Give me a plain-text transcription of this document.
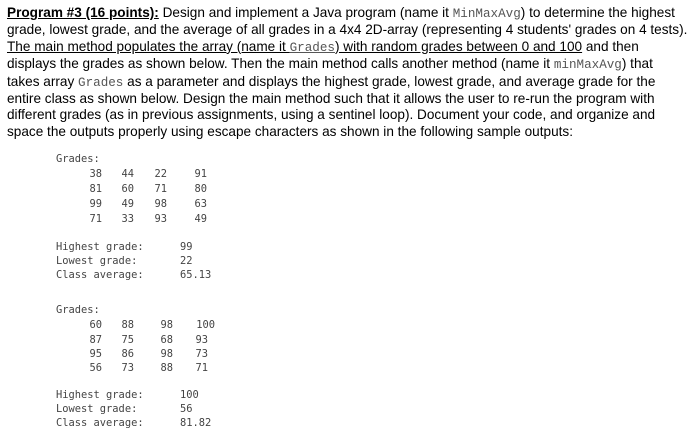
Program #3 (16 points): Design and implement a Java program (name it MinMaxAvg) to determine the highest
grade, lowest grade, and the average of all grades in a 4x4 2D-array (representing 4 students' grades on 4 tests).
The main method populates the array (name it Grades) with random grades between 0 and 100 and then
displays the grades as shown below. Then the main method calls another method (name it minMaxAvg) that
takes array Grades as a parameter and displays the highest grade, lowest grade, and average grade for the
entire class as shown below. Design the main method such that it allows the user to re-run the program with
different grades (as in previous assignments, using a sentinel loop). Document your code, and organize and
space the outputs properly using escape characters as shown in the following sample outputs:
Grades:
38	44	22	91
81	60	71	80
99	49	98	63
71	33	93	49
Highest grade:	99
Lowest grade:	22
Class average:	65.13
Grades:
60	88	98	100
87	75	68	93
95	86	98	73
56	73	88	71
Highest grade:	100
Lowest grade:	56
Class average:	81.82
